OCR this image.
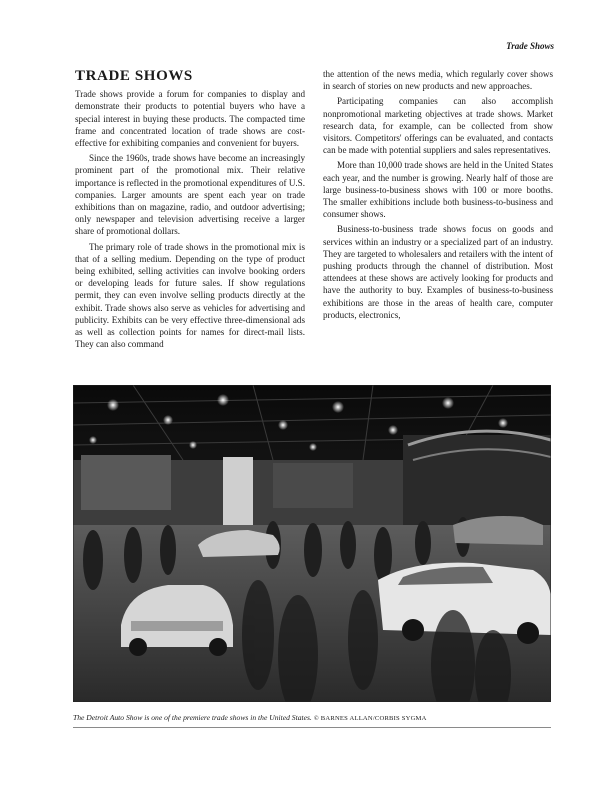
Trade Shows
TRADE SHOWS

Trade shows provide a forum for companies to display and demonstrate their products to potential buyers who have a special interest in buying these products. The compacted time frame and concentrated location of trade shows are cost-effective for exhibiting companies and convenient for buyers.

Since the 1960s, trade shows have become an increasingly prominent part of the promotional mix. Their relative importance is reflected in the promotional expenditures of U.S. companies. Larger amounts are spent each year on trade exhibitions than on magazine, radio, and outdoor advertising; only newspaper and television advertising receive a larger share of promotional dollars.

The primary role of trade shows in the promotional mix is that of a selling medium. Depending on the type of product being exhibited, selling activities can involve booking orders or developing leads for future sales. If show regulations permit, they can even involve selling products directly at the exhibit. Trade shows also serve as vehicles for advertising and publicity. Exhibits can be very effective three-dimensional ads as well as collection points for names for direct-mail lists. They can also command

the attention of the news media, which regularly cover shows in search of stories on new products and new approaches.

Participating companies can also accomplish nonpromotional marketing objectives at trade shows. Market research data, for example, can be collected from show visitors. Competitors' offerings can be evaluated, and contacts can be made with potential suppliers and sales representatives.

More than 10,000 trade shows are held in the United States each year, and the number is growing. Nearly half of those are large business-to-business shows with 100 or more booths. The smaller exhibitions include both business-to-business and consumer shows.

Business-to-business trade shows focus on goods and services within an industry or a specialized part of an industry. They are targeted to wholesalers and retailers with the intent of pushing products through the channel of distribution. Most attendees at these shows are actively looking for products and have the authority to buy. Examples of business-to-business exhibitions are those in the areas of health care, computer products, electronics,

The Detroit Auto Show is one of the premiere trade shows in the United States. © BARNES ALLAN/CORBIS SYGMA
